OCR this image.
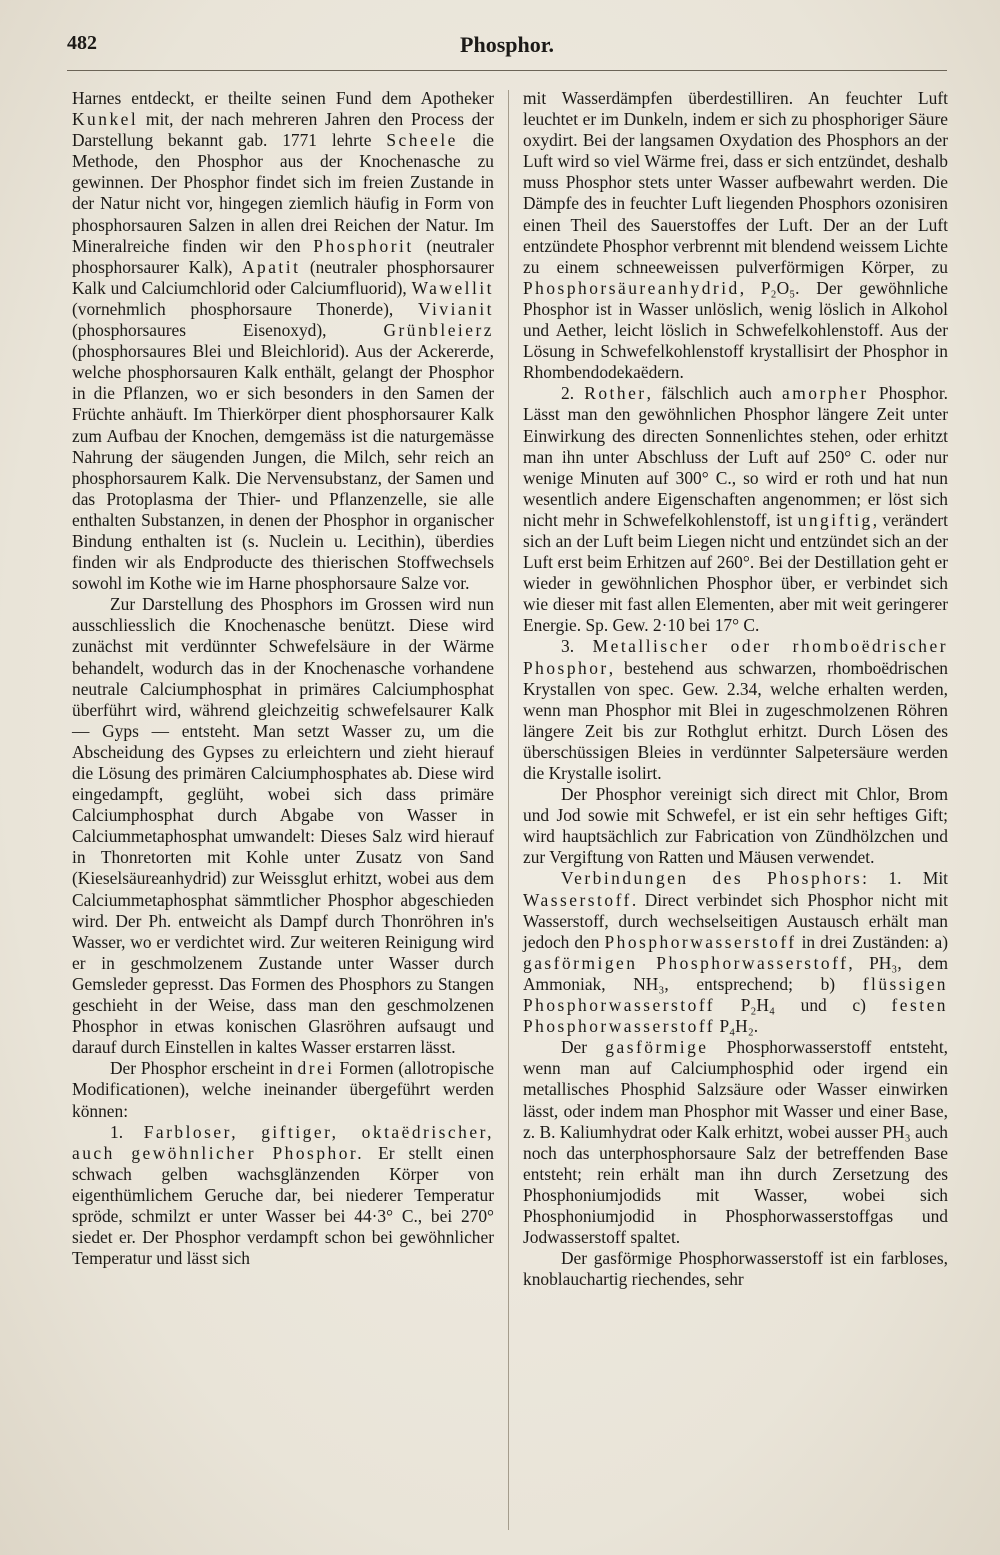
482	Phosphor.

Harnes entdeckt, er theilte seinen Fund dem Apotheker Kunkel mit, der nach mehreren Jahren den Process der Darstellung bekannt gab. 1771 lehrte Scheele die Methode, den Phosphor aus der Knochenasche zu gewinnen. Der Phosphor findet sich im freien Zustande in der Natur nicht vor, hingegen ziemlich häufig in Form von phosphorsauren Salzen in allen drei Reichen der Natur. Im Mineralreiche finden wir den Phosphorit (neutraler phosphorsaurer Kalk), Apatit (neutraler phosphorsaurer Kalk und Calciumchlorid oder Calciumfluorid), Wawellit (vornehmlich phosphorsaure Thonerde), Vivianit (phosphorsaures Eisenoxyd), Grünbleierz (phosphorsaures Blei und Bleichlorid). Aus der Ackererde, welche phosphorsauren Kalk enthält, gelangt der Phosphor in die Pflanzen, wo er sich besonders in den Samen der Früchte anhäuft. Im Thierkörper dient phosphorsaurer Kalk zum Aufbau der Knochen, demgemäss ist die naturgemässe Nahrung der säugenden Jungen, die Milch, sehr reich an phosphorsaurem Kalk. Die Nervensubstanz, der Samen und das Protoplasma der Thier- und Pflanzenzelle, sie alle enthalten Substanzen, in denen der Phosphor in organischer Bindung enthalten ist (s. Nuclein u. Lecithin), überdies finden wir als Endproducte des thierischen Stoffwechsels sowohl im Kothe wie im Harne phosphorsaure Salze vor.

Zur Darstellung des Phosphors im Grossen wird nun ausschliesslich die Knochenasche benützt. Diese wird zunächst mit verdünnter Schwefelsäure in der Wärme behandelt, wodurch das in der Knochenasche vorhandene neutrale Calciumphosphat in primäres Calciumphosphat überführt wird, während gleichzeitig schwefelsaurer Kalk — Gyps — entsteht. Man setzt Wasser zu, um die Abscheidung des Gypses zu erleichtern und zieht hierauf die Lösung des primären Calciumphosphates ab. Diese wird eingedampft, geglüht, wobei sich dass primäre Calciumphosphat durch Abgabe von Wasser in Calciummetaphosphat umwandelt: Dieses Salz wird hierauf in Thonretorten mit Kohle unter Zusatz von Sand (Kieselsäureanhydrid) zur Weissglut erhitzt, wobei aus dem Calciummetaphosphat sämmtlicher Phosphor abgeschieden wird. Der Ph. entweicht als Dampf durch Thonröhren in's Wasser, wo er verdichtet wird. Zur weiteren Reinigung wird er in geschmolzenem Zustande unter Wasser durch Gemsleder gepresst. Das Formen des Phosphors zu Stangen geschieht in der Weise, dass man den geschmolzenen Phosphor in etwas konischen Glasröhren aufsaugt und darauf durch Einstellen in kaltes Wasser erstarren lässt.

Der Phosphor erscheint in drei Formen (allotropische Modificationen), welche ineinander übergeführt werden können:

1. Farbloser, giftiger, oktaëdrischer, auch gewöhnlicher Phosphor. Er stellt einen schwach gelben wachsglänzenden Körper von eigenthümlichem Geruche dar, bei niederer Temperatur spröde, schmilzt er unter Wasser bei 44·3° C., bei 270° siedet er. Der Phosphor verdampft schon bei gewöhnlicher Temperatur und lässt sich

mit Wasserdämpfen überdestilliren. An feuchter Luft leuchtet er im Dunkeln, indem er sich zu phosphoriger Säure oxydirt. Bei der langsamen Oxydation des Phosphors an der Luft wird so viel Wärme frei, dass er sich entzündet, deshalb muss Phosphor stets unter Wasser aufbewahrt werden. Die Dämpfe des in feuchter Luft liegenden Phosphors ozonisiren einen Theil des Sauerstoffes der Luft. Der an der Luft entzündete Phosphor verbrennt mit blendend weissem Lichte zu einem schneeweissen pulverförmigen Körper, zu Phosphorsäureanhydrid, P₂O₅. Der gewöhnliche Phosphor ist in Wasser unlöslich, wenig löslich in Alkohol und Aether, leicht löslich in Schwefelkohlenstoff. Aus der Lösung in Schwefelkohlenstoff krystallisirt der Phosphor in Rhombendodekaëdern.

2. Rother, fälschlich auch amorpher Phosphor. Lässt man den gewöhnlichen Phosphor längere Zeit unter Einwirkung des directen Sonnenlichtes stehen, oder erhitzt man ihn unter Abschluss der Luft auf 250° C. oder nur wenige Minuten auf 300° C., so wird er roth und hat nun wesentlich andere Eigenschaften angenommen; er löst sich nicht mehr in Schwefelkohlenstoff, ist ungiftig, verändert sich an der Luft beim Liegen nicht und entzündet sich an der Luft erst beim Erhitzen auf 260°. Bei der Destillation geht er wieder in gewöhnlichen Phosphor über, er verbindet sich wie dieser mit fast allen Elementen, aber mit weit geringerer Energie. Sp. Gew. 2·10 bei 17° C.

3. Metallischer oder rhomboëdrischer Phosphor, bestehend aus schwarzen, rhomboëdrischen Krystallen von spec. Gew. 2.34, welche erhalten werden, wenn man Phosphor mit Blei in zugeschmolzenen Röhren längere Zeit bis zur Rothglut erhitzt. Durch Lösen des überschüssigen Bleies in verdünnter Salpetersäure werden die Krystalle isolirt.

Der Phosphor vereinigt sich direct mit Chlor, Brom und Jod sowie mit Schwefel, er ist ein sehr heftiges Gift; wird hauptsächlich zur Fabrication von Zündhölzchen und zur Vergiftung von Ratten und Mäusen verwendet.

Verbindungen des Phosphors: 1. Mit Wasserstoff. Direct verbindet sich Phosphor nicht mit Wasserstoff, durch wechselseitigen Austausch erhält man jedoch den Phosphorwasserstoff in drei Zuständen: a) gasförmigen Phosphorwasserstoff, PH₃, dem Ammoniak, NH₃, entsprechend; b) flüssigen Phosphorwasserstoff P₂H₄ und c) festen Phosphorwasserstoff P₄H₂.

Der gasförmige Phosphorwasserstoff entsteht, wenn man auf Calciumphosphid oder irgend ein metallisches Phosphid Salzsäure oder Wasser einwirken lässt, oder indem man Phosphor mit Wasser und einer Base, z. B. Kaliumhydrat oder Kalk erhitzt, wobei ausser PH₃ auch noch das unterphosphorsaure Salz der betreffenden Base entsteht; rein erhält man ihn durch Zersetzung des Phosphoniumjodids mit Wasser, wobei sich Phosphoniumjodid in Phosphorwasserstoffgas und Jodwasserstoff spaltet.

Der gasförmige Phosphorwasserstoff ist ein farbloses, knoblauchartig riechendes, sehr
